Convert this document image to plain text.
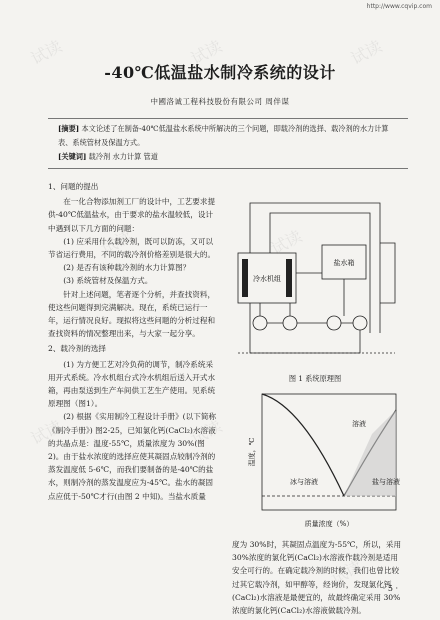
http://www.cqvip.com
试读	试读	试读
试读	试读
试读	试读
试读
-40℃低温盐水制冷系统的设计
中國洛诚工程科技股份有限公司 周伴谋
[摘要] 本文论述了在制备-40℃低温盐水系统中所解决的三个问题，即载冷剂的选择、载冷剂的水力计算表、系统管材及保温方式。
[关键词] 载冷剂 水力计算 管道

1、问题的提出

在一化合物添加剂工厂的设计中，工艺要求提供-40℃低温盐水，由于要求的盐水温较低，设计中遇到以下几方面的问题：

(1) 应采用什么载冷剂，既可以防冻，又可以节省运行费用，不同的载冷剂价格差别是很大的。

(2) 是否有该种载冷剂的水力计算图？

(3) 系统管材及保温方式。

针对上述问题，笔者逐个分析，并查找资料，使这些问题得到完满解决。现在，系统已运行一年，运行情况良好。现拟将这些问题的分析过程和查找资料的情况整理出来，与大家一起分享。

2、载冷剂的选择

(1) 为方便工艺对冷负荷的调节，制冷系统采用开式系统。冷水机组台式冷水机组后送入开式水箱，再由泵送到生产车间供工艺生产使用。见系统原理图（图1）。

(2) 根据《实用制冷工程设计手册》(以下简称《制冷手册》) 图2-25，已知氯化钙(CaCl₂)水溶液的共晶点是：温度-55℃，质量浓度为 30%(图2)。由于盐水浓度的选择应使其凝固点较制冷剂的蒸发温度低 5-6℃，而我们要制备的是-40℃的盐水，则制冷剂的蒸发温度应为-45℃。盐水的凝固点应低于-50℃才行(由图 2 中知)。当盐水质量

盐水箱
冷水机组
图 1 系统原理图
温度，℃
质量浓度（%）
溶液
冰与溶液	盐与溶液

度为 30%时，其凝固点温度为-55℃，所以，采用 30%浓度的氯化钙(CaCl₂)水溶液作载冷剂是适用安全可行的。在确定载冷剂的时候，我们也曾比较过其它载冷剂，如甲醇等，经询价，发现氯化钙(CaCl₂)水溶液是最便宜的，故最终确定采用 30%浓度的氯化钙(CaCl₂)水溶液做载冷剂。

· 5 ·
